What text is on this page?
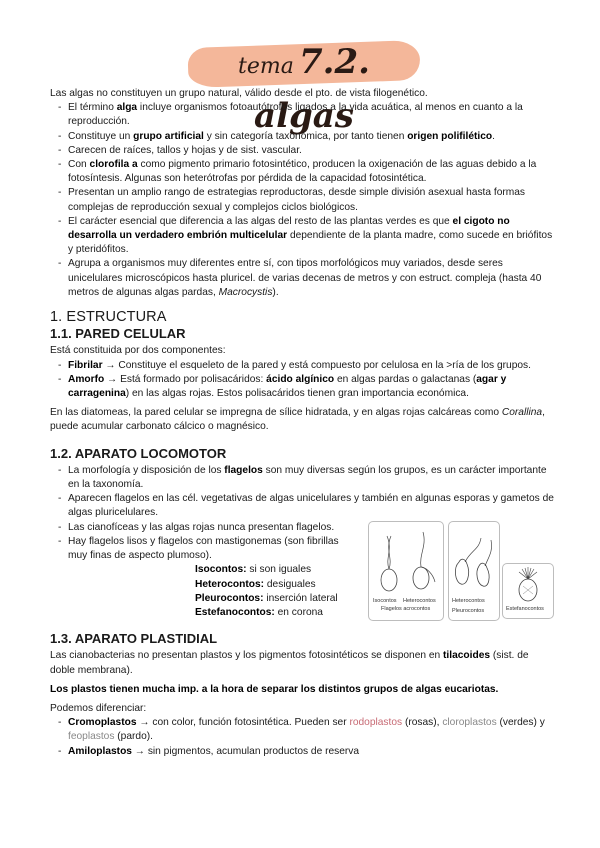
tema 7.2. algas

Las algas no constituyen un grupo natural, válido desde el pto. de vista filogenético.

- El término alga incluye organismos fotoautótrofos ligados a la vida acuática, al menos en cuanto a la reproducción.
- Constituye un grupo artificial y sin categoría taxonómica, por tanto tienen origen polifilético.
- Carecen de raíces, tallos y hojas y de sist. vascular.
- Con clorofila a como pigmento primario fotosintético, producen la oxigenación de las aguas debido a la fotosíntesis. Algunas son heterótrofas por pérdida de la capacidad fotosintética.
- Presentan un amplio rango de estrategias reproductoras, desde simple división asexual hasta formas complejas de reproducción sexual y complejos ciclos biológicos.
- El carácter esencial que diferencia a las algas del resto de las plantas verdes es que el cigoto no desarrolla un verdadero embrión multicelular dependiente de la planta madre, como sucede en briófitos y pteridófitos.
- Agrupa a organismos muy diferentes entre sí, con tipos morfológicos muy variados, desde seres unicelulares microscópicos hasta pluricel. de varias decenas de metros y con estruct. compleja (hasta 40 metros de algunas algas pardas, Macrocystis).
1. ESTRUCTURA
1.1. PARED CELULAR

Está constituida por dos componentes:

- Fibrilar → Constituye el esqueleto de la pared y está compuesto por celulosa en la >ría de los grupos.
- Amorfo → Está formado por polisacáridos: ácido algínico en algas pardas o galactanas (agar y carragenina) en las algas rojas. Estos polisacáridos tienen gran importancia económica.

En las diatomeas, la pared celular se impregna de sílice hidratada, y en algas rojas calcáreas como Corallina, puede acumular carbonato cálcico o magnésico.

1.2. APARATO LOCOMOTOR
- La morfología y disposición de los flagelos son muy diversas según los grupos, es un carácter importante en la taxonomía.
- Aparecen flagelos en las cél. vegetativas de algas unicelulares y también en algunas esporas y gametos de algas pluricelulares.
- Las cianofíceas y las algas rojas nunca presentan flagelos.
- Hay flagelos lisos y flagelos con mastigonemas (son fibrillas muy finas de aspecto plumoso).
Isocontos: si son iguales
Heterocontos: desiguales
Pleurocontos: inserción lateral
Estefanocontos: en corona
Isocontos Heterocontos
Flagelos acrocontos
Heterocontos
Pleurocontos	Estefanocontos
1.3. APARATO PLASTIDIAL

Las cianobacterias no presentan plastos y los pigmentos fotosintéticos se disponen en tilacoides (sist. de doble membrana).

Los plastos tienen mucha imp. a la hora de separar los distintos grupos de algas eucariotas.

Podemos diferenciar:

- Cromoplastos → con color, función fotosintética. Pueden ser rodoplastos (rosas), cloroplastos (verdes) y feoplastos (pardo).
- Amiloplastos → sin pigmentos, acumulan productos de reserva
